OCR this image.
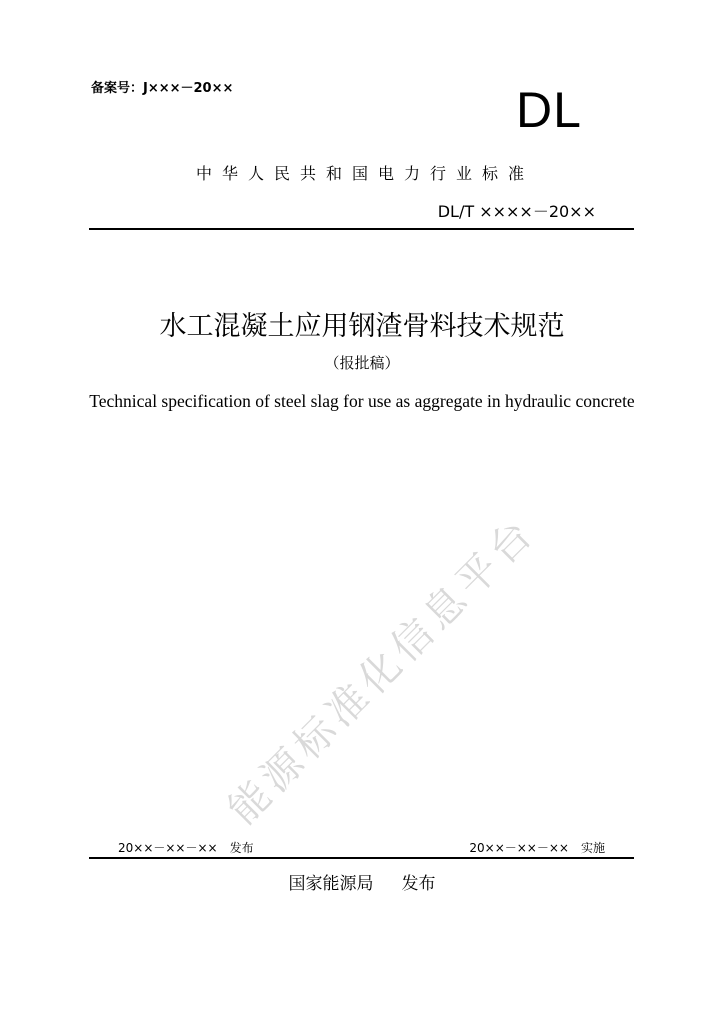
备案号：J×××－20××	DL
中华人民共和国电力行业标准
DL/T ××××－20××
水工混凝土应用钢渣骨料技术规范
（报批稿）
Technical specification of steel slag for use as aggregate in hydraulic concrete
能源标准化信息平台
20××－××－×× 发布	20××－××－×× 实施
国家能源局 发布
